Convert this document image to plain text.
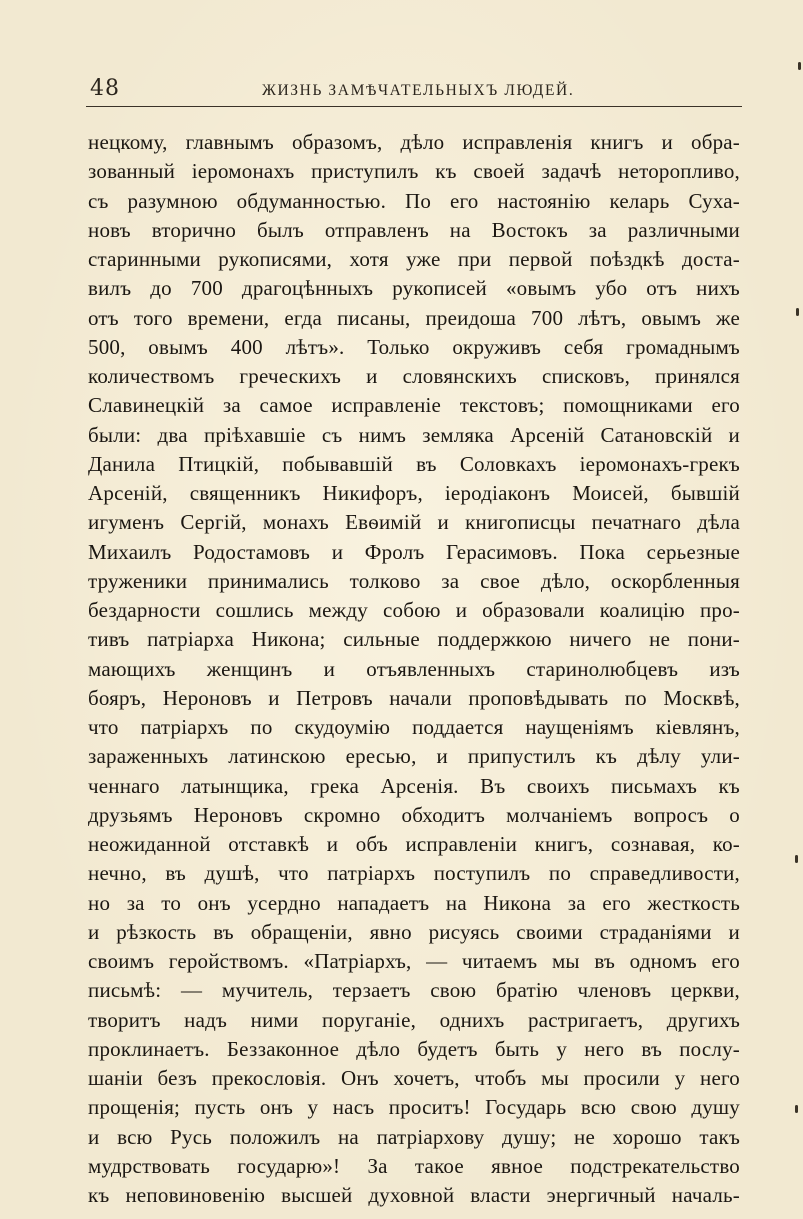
48	ЖИЗНЬ ЗАМѢЧАТЕЛЬНЫХЪ ЛЮДЕЙ.
нецкому, главнымъ образомъ, дѣло исправленія книгъ и обра-
зованный іеромонахъ приступилъ къ своей задачѣ неторопливо,
съ разумною обдуманностью. По его настоянію келарь Суха-
новъ вторично былъ отправленъ на Востокъ за различными
старинными рукописями, хотя уже при первой поѣздкѣ доста-
вилъ до 700 драгоцѣнныхъ рукописей «овымъ убо отъ нихъ
отъ того времени, егда писаны, преидоша 700 лѣтъ, овымъ же
500, овымъ 400 лѣтъ». Только окруживъ себя громаднымъ
количествомъ греческихъ и словянскихъ списковъ, принялся
Славинецкій за самое исправленіе текстовъ; помощниками его
были: два пріѣхавшіе съ нимъ земляка Арсеній Сатановскій и
Данила Птицкій, побывавшій въ Соловкахъ іеромонахъ-грекъ
Арсеній, священникъ Никифоръ, іеродіаконъ Моисей, бывшій
игуменъ Сергій, монахъ Евѳимій и книгописцы печатнаго дѣла
Михаилъ Родостамовъ и Фролъ Герасимовъ. Пока серьезные
труженики принимались толково за свое дѣло, оскорбленныя
бездарности сошлись между собою и образовали коалицію про-
тивъ патріарха Никона; сильные поддержкою ничего не пони-
мающихъ женщинъ и отъявленныхъ старинолюбцевъ изъ
бояръ, Нероновъ и Петровъ начали проповѣдывать по Москвѣ,
что патріархъ по скудоумію поддается наущеніямъ кіевлянъ,
зараженныхъ латинскою ересью, и припустилъ къ дѣлу ули-
ченнаго латынщика, грека Арсенія. Въ своихъ письмахъ къ
друзьямъ Нероновъ скромно обходитъ молчаніемъ вопросъ о
неожиданной отставкѣ и объ исправленіи книгъ, сознавая, ко-
нечно, въ душѣ, что патріархъ поступилъ по справедливости,
но за то онъ усердно нападаетъ на Никона за его жесткость
и рѣзкость въ обращеніи, явно рисуясь своими страданіями и
своимъ геройствомъ. «Патріархъ, — читаемъ мы въ одномъ его
письмѣ: — мучитель, терзаетъ свою братію членовъ церкви,
творитъ надъ ними поруганіе, однихъ растригаетъ, другихъ
проклинаетъ. Беззаконное дѣло будетъ быть у него въ послу-
шаніи безъ прекословія. Онъ хочетъ, чтобъ мы просили у него
прощенія; пусть онъ у насъ проситъ! Государь всю свою душу
и всю Русь положилъ на патріархову душу; не хорошо такъ
мудрствовать государю»! За такое явное подстрекательство
къ неповиновенію высшей духовной власти энергичный началь-
